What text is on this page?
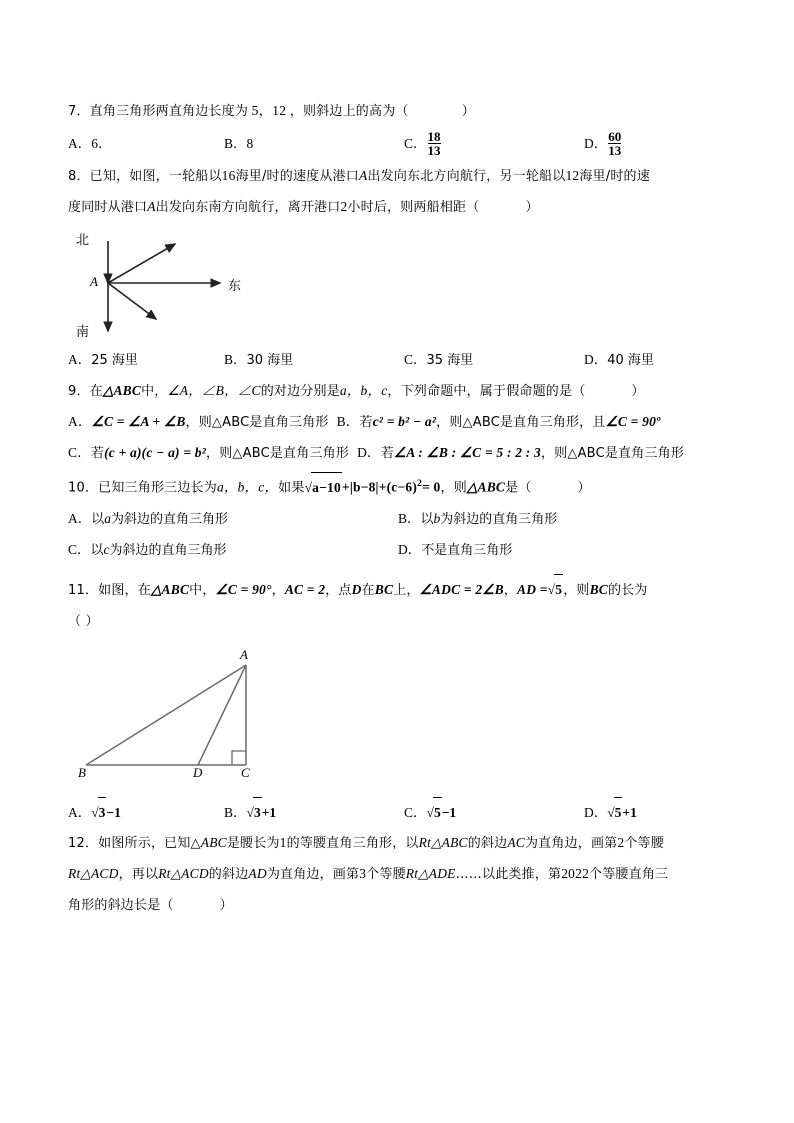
7．直角三角形两直角边长度为 5，12 ，则斜边上的高为（	）
A．6．	B．8	C． $\frac{18}{13}$	D． $\frac{60}{13}$
8．已知，如图，一轮船以16海里/时的速度从港口A出发向东北方向航行，另一轮船以12海里/时的速
度同时从港口A出发向东南方向航行，离开港口2小时后，则两船相距（	）
北
南
东
A
A．25 海里	B．30 海里	C．35 海里	D．40 海里
9．在△ABC中，∠A，∠B，∠C的对边分别是a，b，c，下列命题中，属于假命题的是（	）
A．∠C = ∠A + ∠B，则△ABC是直角三角形 B．若c² = b² − a²，则△ABC是直角三角形，且∠C = 90º
C．若(c + a)(c − a) = b²，则△ABC是直角三角形 D．若∠A : ∠B : ∠C = 5 : 2 : 3，则△ABC是直角三角形
10．已知三角形三边长为a，b，c，如果$√a-10+|b-8|+(c-6)^2= 0$，则△ABC是（	）
A．以a为斜边的直角三角形	B．以b为斜边的直角三角形
C．以c为斜边的直角三角形	D．不是直角三角形
11．如图，在△ABC中，∠C = 90°，AC = 2，点D在BC上，∠ADC = 2∠B，AD =√5，则BC的长为
（ ）
A
B	D	C
A．√3−1	B．√3+1	C．√5−1	D．√5+1
12．如图所示，已知△ABC是腰长为1的等腰直角三角形，以Rt△ABC的斜边AC为直角边，画第2个等腰
Rt△ACD，再以Rt△ACD的斜边AD为直角边，画第3个等腰Rt△ADE……以此类推，第2022个等腰直角三
角形的斜边长是（	）
